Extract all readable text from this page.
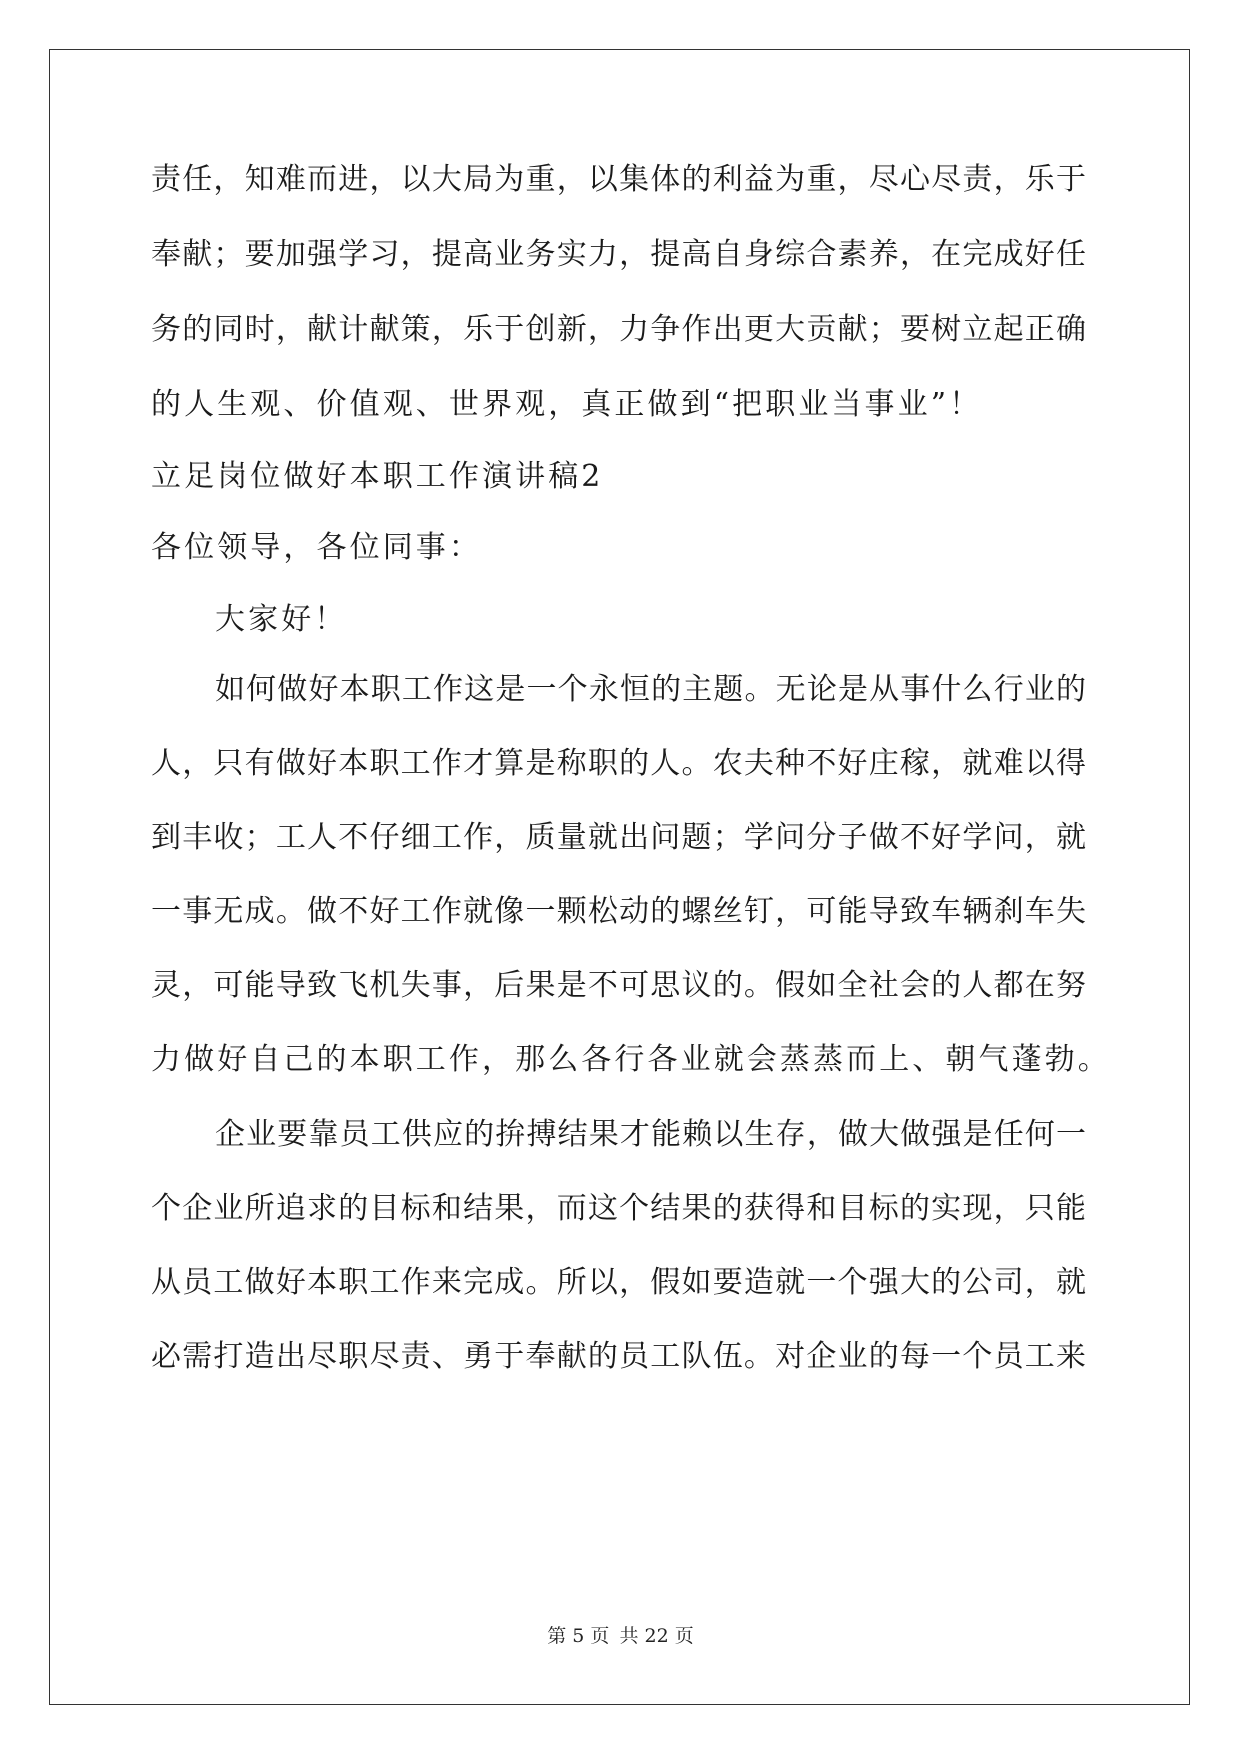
责任，知难而进，以大局为重，以集体的利益为重，尽心尽责，乐于
奉献；要加强学习，提高业务实力，提高自身综合素养，在完成好任
务的同时，献计献策，乐于创新，力争作出更大贡献；要树立起正确
的人生观、价值观、世界观，真正做到“把职业当事业”！
立足岗位做好本职工作演讲稿2
各位领导，各位同事：
大家好！
如何做好本职工作这是一个永恒的主题。无论是从事什么行业的
人，只有做好本职工作才算是称职的人。农夫种不好庄稼，就难以得
到丰收；工人不仔细工作，质量就出问题；学问分子做不好学问，就
一事无成。做不好工作就像一颗松动的螺丝钉，可能导致车辆刹车失
灵，可能导致飞机失事，后果是不可思议的。假如全社会的人都在努
力做好自己的本职工作，那么各行各业就会蒸蒸而上、朝气蓬勃。
企业要靠员工供应的拚搏结果才能赖以生存，做大做强是任何一
个企业所追求的目标和结果，而这个结果的获得和目标的实现，只能
从员工做好本职工作来完成。所以，假如要造就一个强大的公司，就
必需打造出尽职尽责、勇于奉献的员工队伍。对企业的每一个员工来
第 5 页 共 22 页
